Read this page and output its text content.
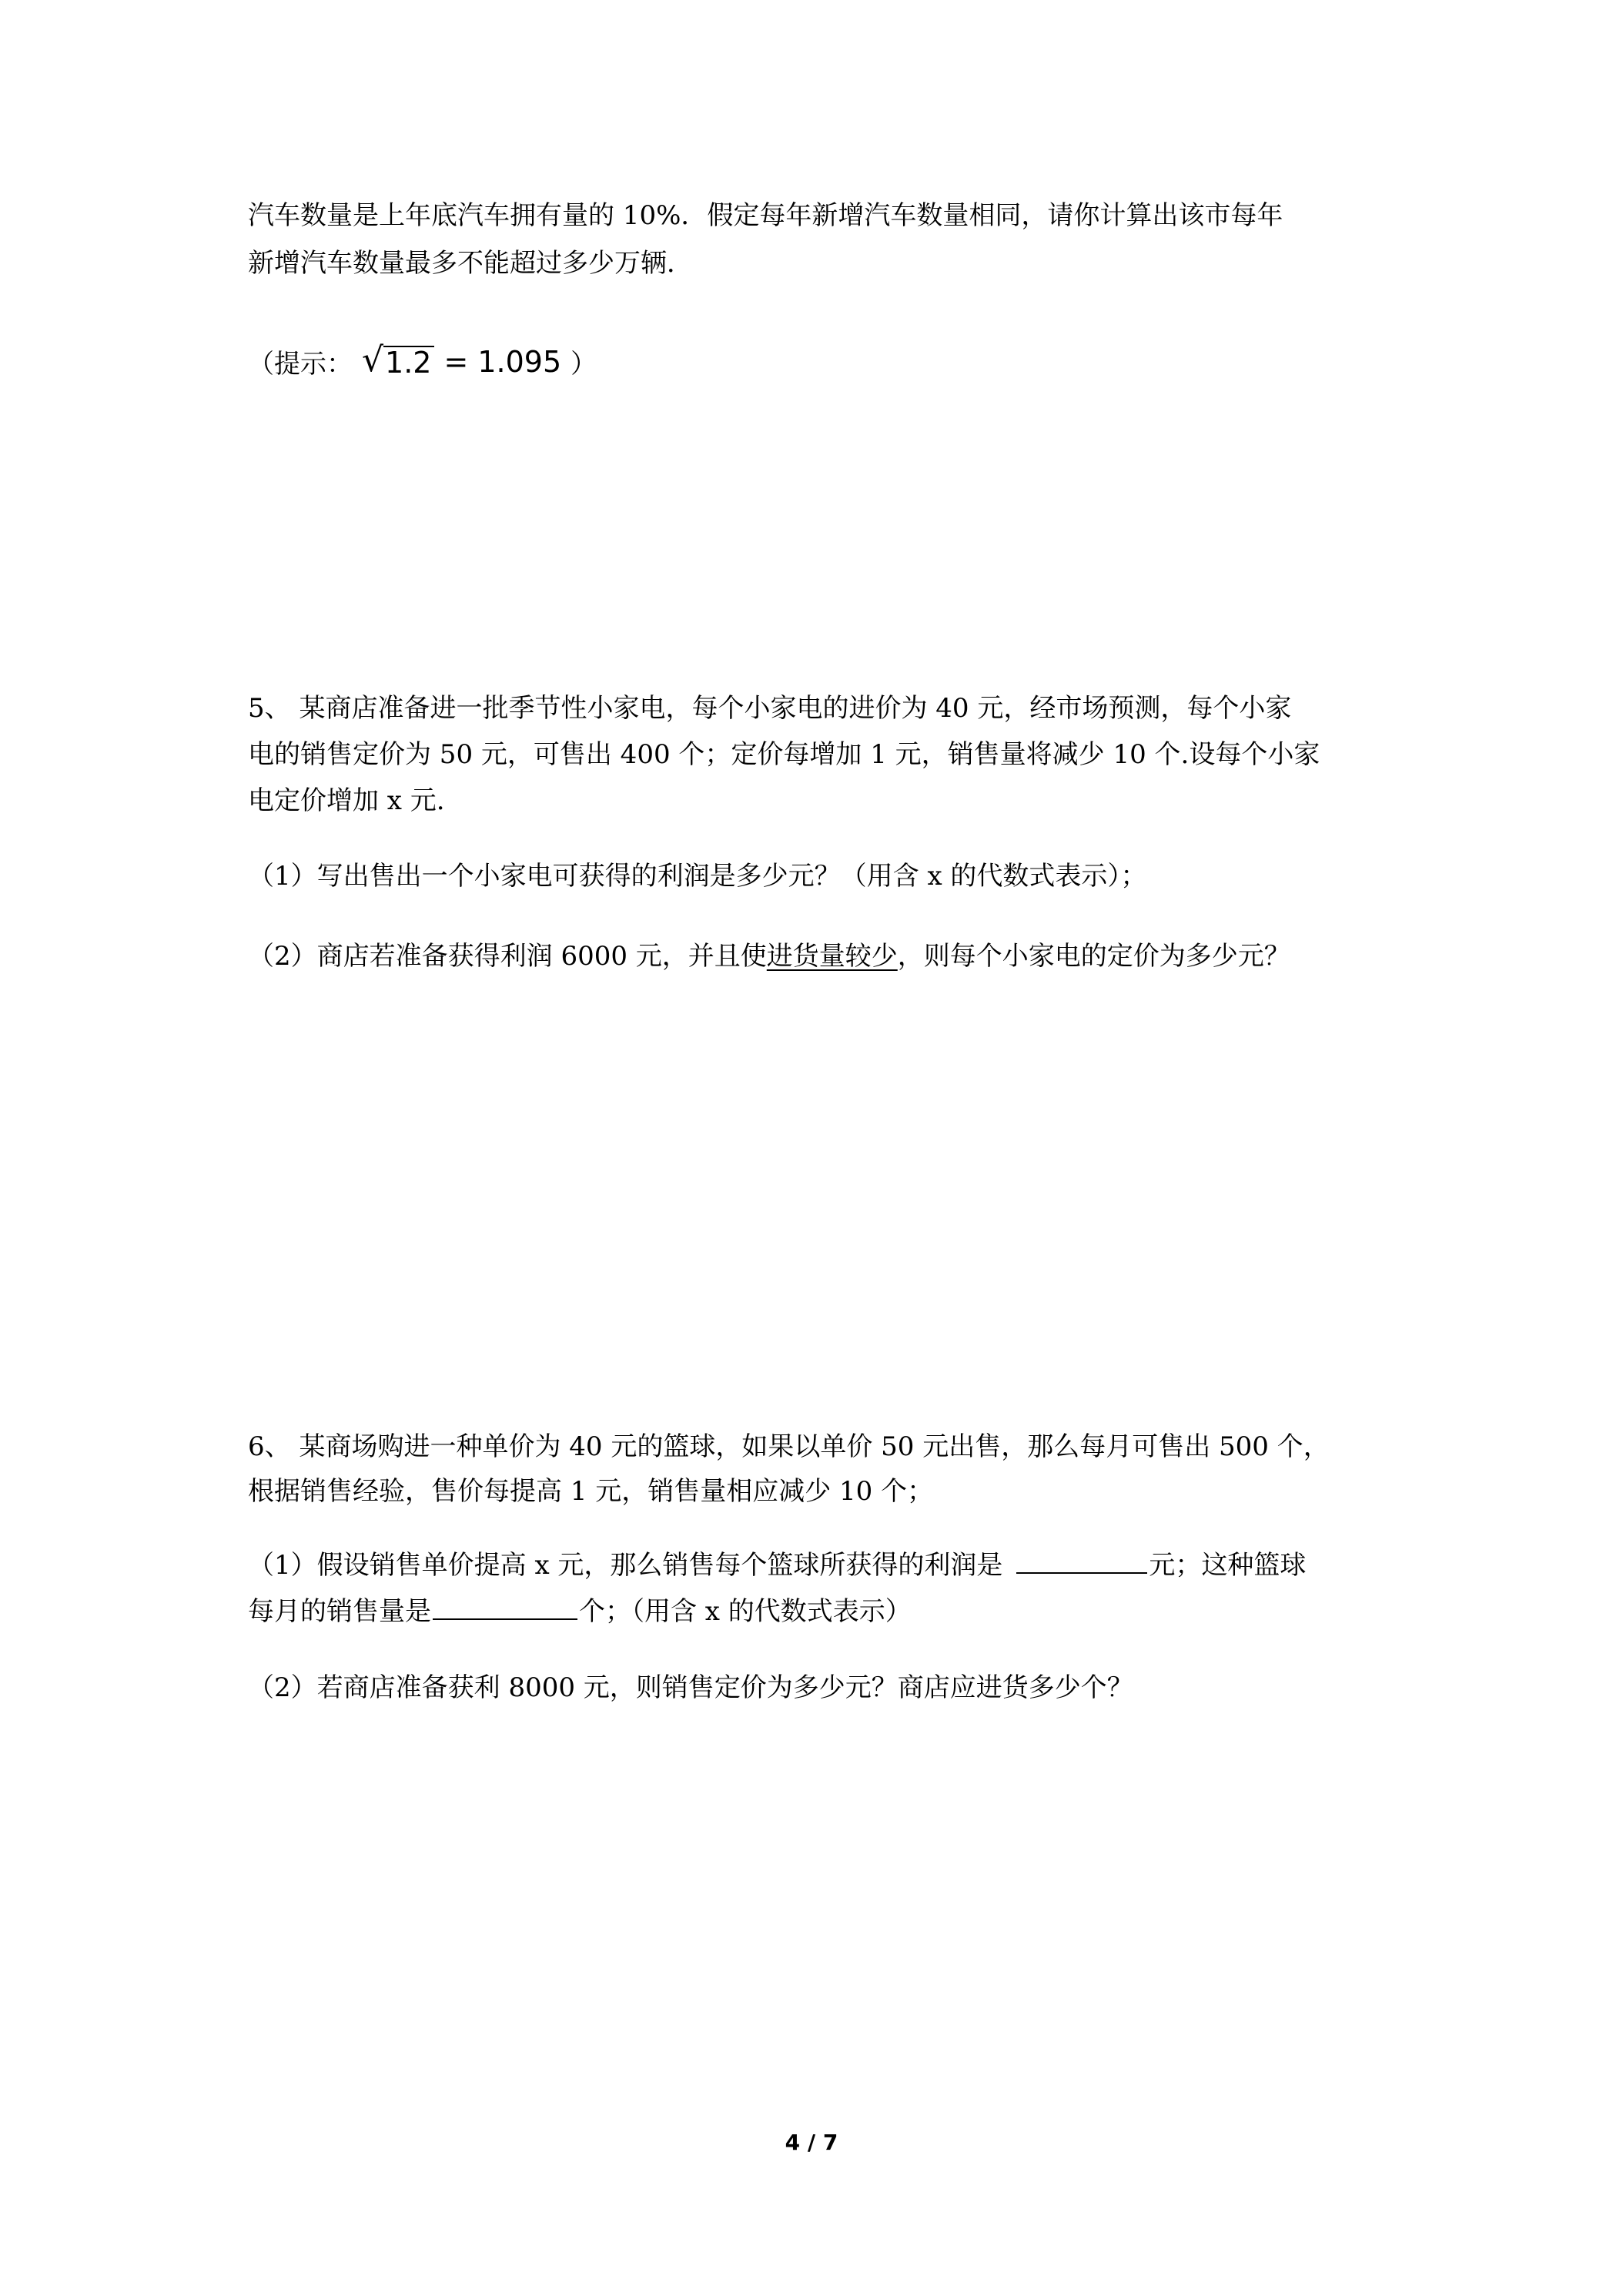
汽车数量是上年底汽车拥有量的 10%．假定每年新增汽车数量相同，请你计算出该市每年
新增汽车数量最多不能超过多少万辆．
（提示： √ 1.2 = 1.095 ）
5、 某商店准备进一批季节性小家电，每个小家电的进价为 40 元，经市场预测，每个小家
电的销售定价为 50 元，可售出 400 个；定价每增加 1 元，销售量将减少 10 个.设每个小家
电定价增加 x 元.
（1）写出售出一个小家电可获得的利润是多少元？（用含 x 的代数式表示）；
（2）商店若准备获得利润 6000 元，并且使进货量较少，则每个小家电的定价为多少元？
6、 某商场购进一种单价为 40 元的篮球，如果以单价 50 元出售，那么每月可售出 500 个，
根据销售经验，售价每提高 1 元，销售量相应减少 10 个；
（1）假设销售单价提高 x 元，那么销售每个篮球所获得的利润是	元；这种篮球
每月的销售量是	个；（用含 x 的代数式表示）
（2）若商店准备获利 8000 元，则销售定价为多少元？商店应进货多少个？
4 / 7
